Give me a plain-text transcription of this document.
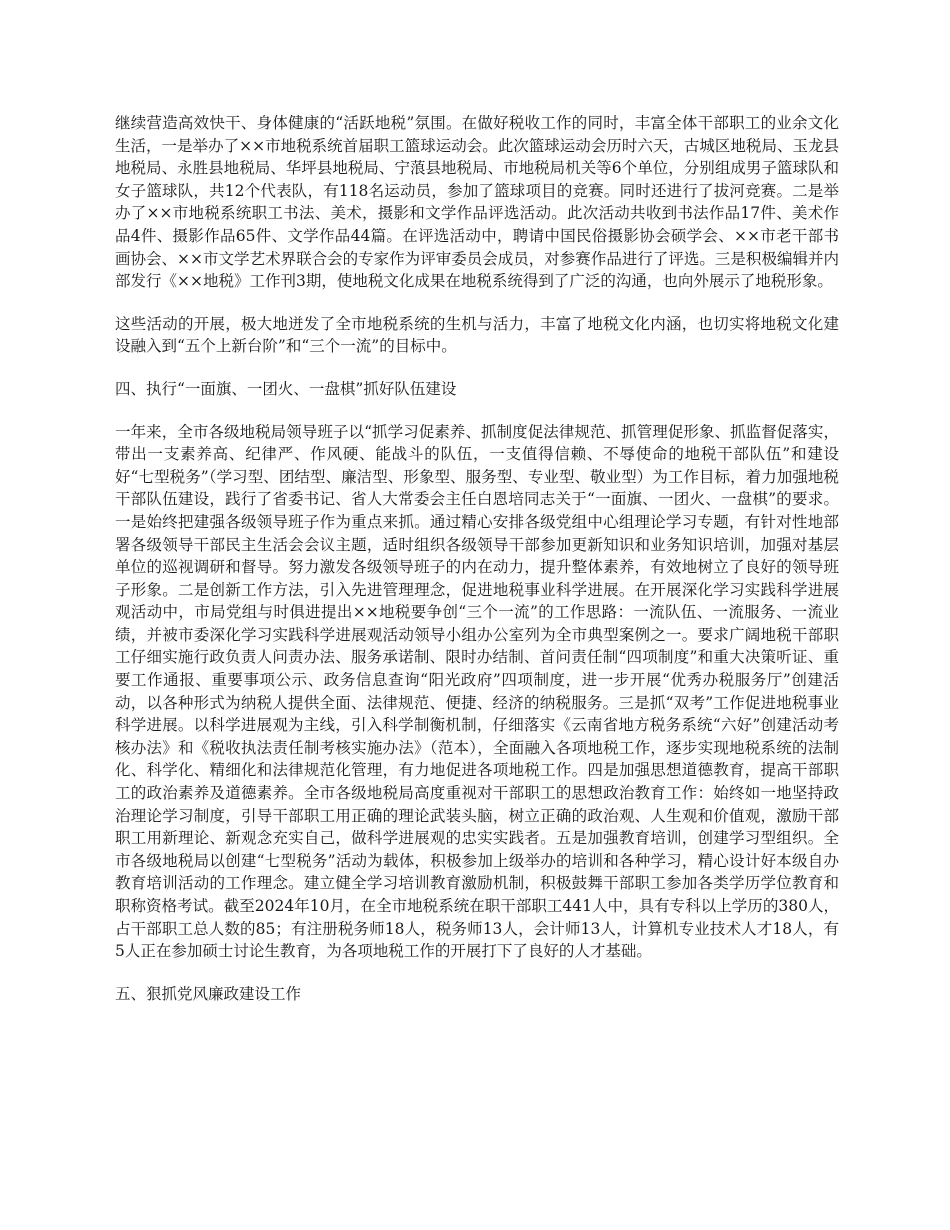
继续营造高效快干、身体健康的“活跃地税”氛围。在做好税收工作的同时，丰富全体干部职工的业余文化生活，一是举办了××市地税系统首届职工篮球运动会。此次篮球运动会历时六天，古城区地税局、玉龙县地税局、永胜县地税局、华坪县地税局、宁蒗县地税局、市地税局机关等6个单位，分别组成男子篮球队和女子篮球队，共12个代表队，有118名运动员，参加了篮球项目的竞赛。同时还进行了拔河竞赛。二是举办了××市地税系统职工书法、美术，摄影和文学作品评选活动。此次活动共收到书法作品17件、美术作品4件、摄影作品65件、文学作品44篇。在评选活动中，聘请中国民俗摄影协会硕学会、××市老干部书画协会、××市文学艺术界联合会的专家作为评审委员会成员，对参赛作品进行了评选。三是积极编辑并内部发行《××地税》工作刊3期，使地税文化成果在地税系统得到了广泛的沟通，也向外展示了地税形象。

这些活动的开展，极大地迸发了全市地税系统的生机与活力，丰富了地税文化内涵，也切实将地税文化建设融入到“五个上新台阶”和“三个一流”的目标中。

四、执行“一面旗、一团火、一盘棋”抓好队伍建设

一年来，全市各级地税局领导班子以“抓学习促素养、抓制度促法律规范、抓管理促形象、抓监督促落实，带出一支素养高、纪律严、作风硬、能战斗的队伍，一支值得信赖、不辱使命的地税干部队伍”和建设好“七型税务”（学习型、团结型、廉洁型、形象型、服务型、专业型、敬业型）为工作目标，着力加强地税干部队伍建设，践行了省委书记、省人大常委会主任白恩培同志关于“一面旗、一团火、一盘棋”的要求。一是始终把建强各级领导班子作为重点来抓。通过精心安排各级党组中心组理论学习专题，有针对性地部署各级领导干部民主生活会会议主题，适时组织各级领导干部参加更新知识和业务知识培训，加强对基层单位的巡视调研和督导。努力激发各级领导班子的内在动力，提升整体素养，有效地树立了良好的领导班子形象。二是创新工作方法，引入先进管理理念，促进地税事业科学进展。在开展深化学习实践科学进展观活动中，市局党组与时俱进提出××地税要争创“三个一流”的工作思路：一流队伍、一流服务、一流业绩，并被市委深化学习实践科学进展观活动领导小组办公室列为全市典型案例之一。要求广阔地税干部职工仔细实施行政负责人问责办法、服务承诺制、限时办结制、首问责任制“四项制度”和重大决策听证、重要工作通报、重要事项公示、政务信息查询“阳光政府”四项制度，进一步开展“优秀办税服务厅”创建活动，以各种形式为纳税人提供全面、法律规范、便捷、经济的纳税服务。三是抓“双考”工作促进地税事业科学进展。以科学进展观为主线，引入科学制衡机制，仔细落实《云南省地方税务系统“六好”创建活动考核办法》和《税收执法责任制考核实施办法》（范本），全面融入各项地税工作，逐步实现地税系统的法制化、科学化、精细化和法律规范化管理，有力地促进各项地税工作。四是加强思想道德教育，提高干部职工的政治素养及道德素养。全市各级地税局高度重视对干部职工的思想政治教育工作：始终如一地坚持政治理论学习制度，引导干部职工用正确的理论武装头脑，树立正确的政治观、人生观和价值观，激励干部职工用新理论、新观念充实自己，做科学进展观的忠实实践者。五是加强教育培训，创建学习型组织。全市各级地税局以创建“七型税务”活动为载体，积极参加上级举办的培训和各种学习，精心设计好本级自办教育培训活动的工作理念。建立健全学习培训教育激励机制，积极鼓舞干部职工参加各类学历学位教育和职称资格考试。截至2024年10月，在全市地税系统在职干部职工441人中，具有专科以上学历的380人，占干部职工总人数的85；有注册税务师18人，税务师13人，会计师13人，计算机专业技术人才18人，有5人正在参加硕士讨论生教育，为各项地税工作的开展打下了良好的人才基础。

五、狠抓党风廉政建设工作
